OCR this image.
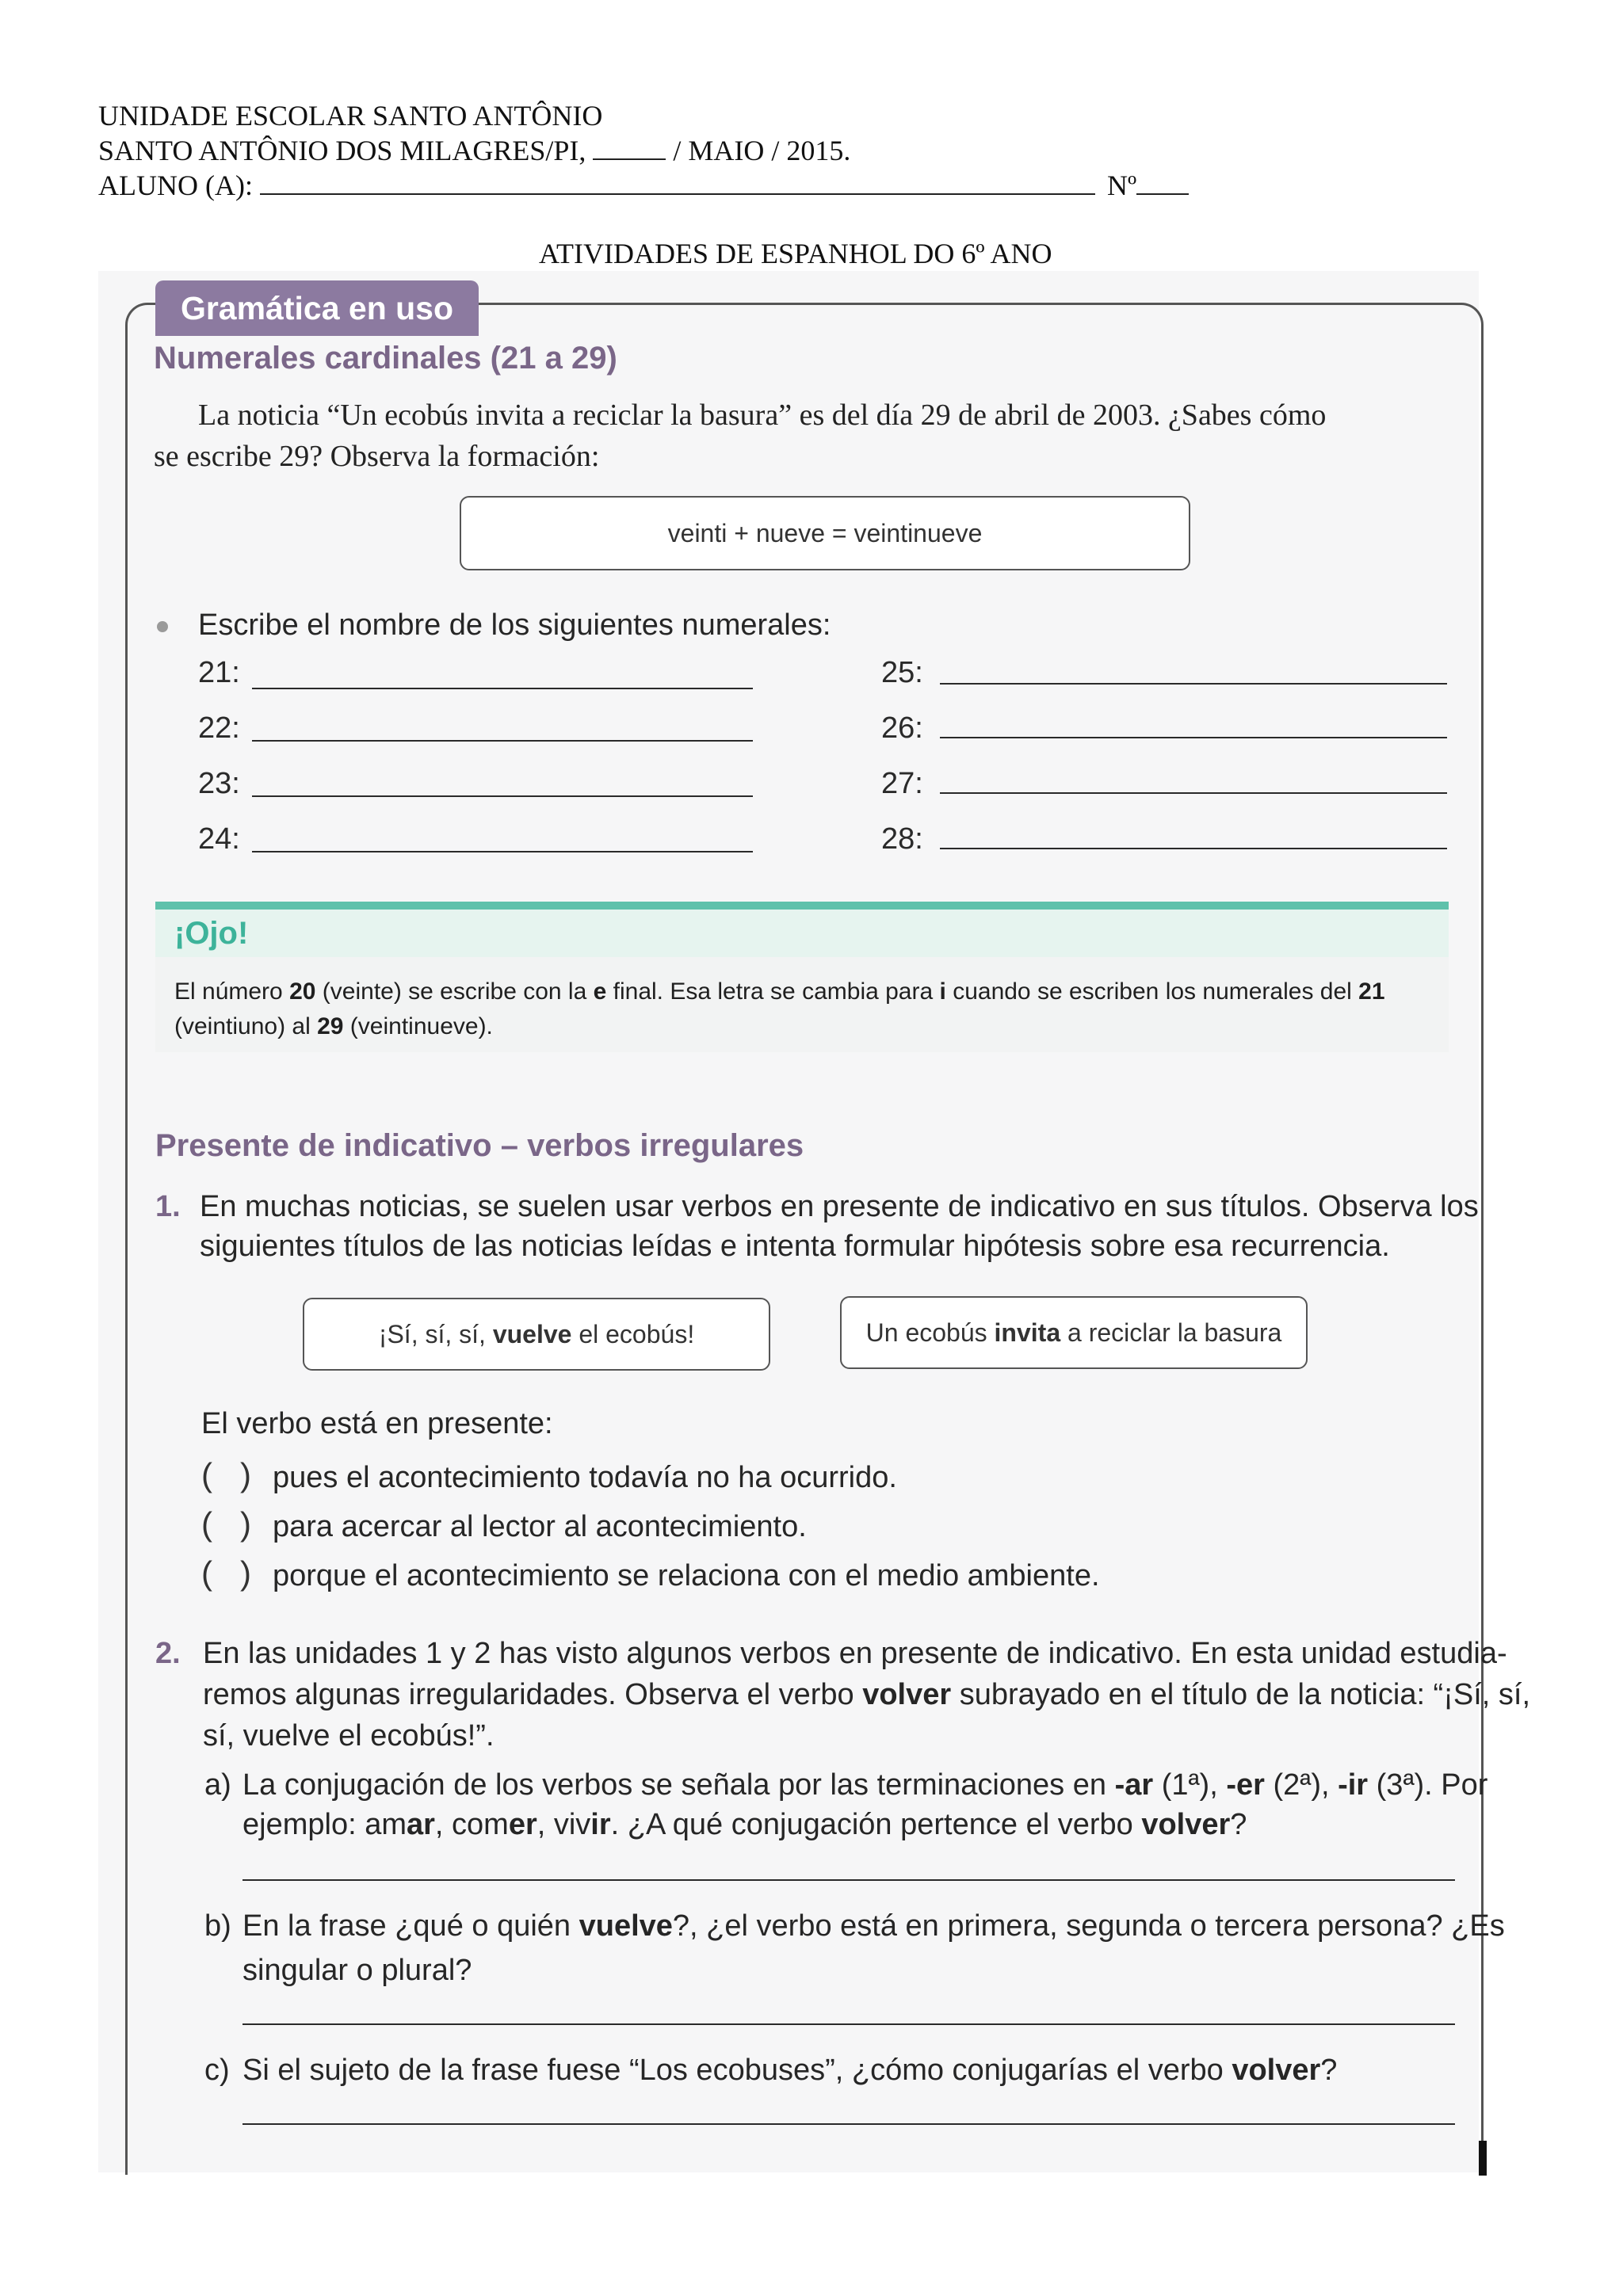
UNIDADE ESCOLAR SANTO ANTÔNIO
SANTO ANTÔNIO DOS MILAGRES/PI,	/ MAIO / 2015.
ALUNO (A):	Nº
ATIVIDADES DE ESPANHOL DO 6º ANO
Gramática en uso
Numerales cardinales (21 a 29)
La noticia “Un ecobús invita a reciclar la basura” es del día 29 de abril de 2003. ¿Sabes cómo
se escribe 29? Observa la formación:
veinti + nueve = veintinueve
Escribe el nombre de los siguientes numerales:
21:
22:
23:
24:
25:
26:
27:
28:
¡Ojo!
El número 20 (veinte) se escribe con la e final. Esa letra se cambia para i cuando se escriben los numerales del 21
(veintiuno) al 29 (veintinueve).
Presente de indicativo – verbos irregulares
1. En muchas noticias, se suelen usar verbos en presente de indicativo en sus títulos. Observa los
siguientes títulos de las noticias leídas e intenta formular hipótesis sobre esa recurrencia.
¡Sí, sí, sí, vuelve el ecobús!	Un ecobús invita a reciclar la basura
El verbo está en presente:
(   ) pues el acontecimiento todavía no ha ocurrido.
(   ) para acercar al lector al acontecimiento.
(   ) porque el acontecimiento se relaciona con el medio ambiente.
2. En las unidades 1 y 2 has visto algunos verbos en presente de indicativo. En esta unidad estudia-
remos algunas irregularidades. Observa el verbo volver subrayado en el título de la noticia: “¡Sí, sí,
sí, vuelve el ecobús!”.
a) La conjugación de los verbos se señala por las terminaciones en -ar (1ª), -er (2ª), -ir (3ª). Por
ejemplo: amar, comer, vivir. ¿A qué conjugación pertence el verbo volver?
b) En la frase ¿qué o quién vuelve?, ¿el verbo está en primera, segunda o tercera persona? ¿Es
singular o plural?
c) Si el sujeto de la frase fuese “Los ecobuses”, ¿cómo conjugarías el verbo volver?
